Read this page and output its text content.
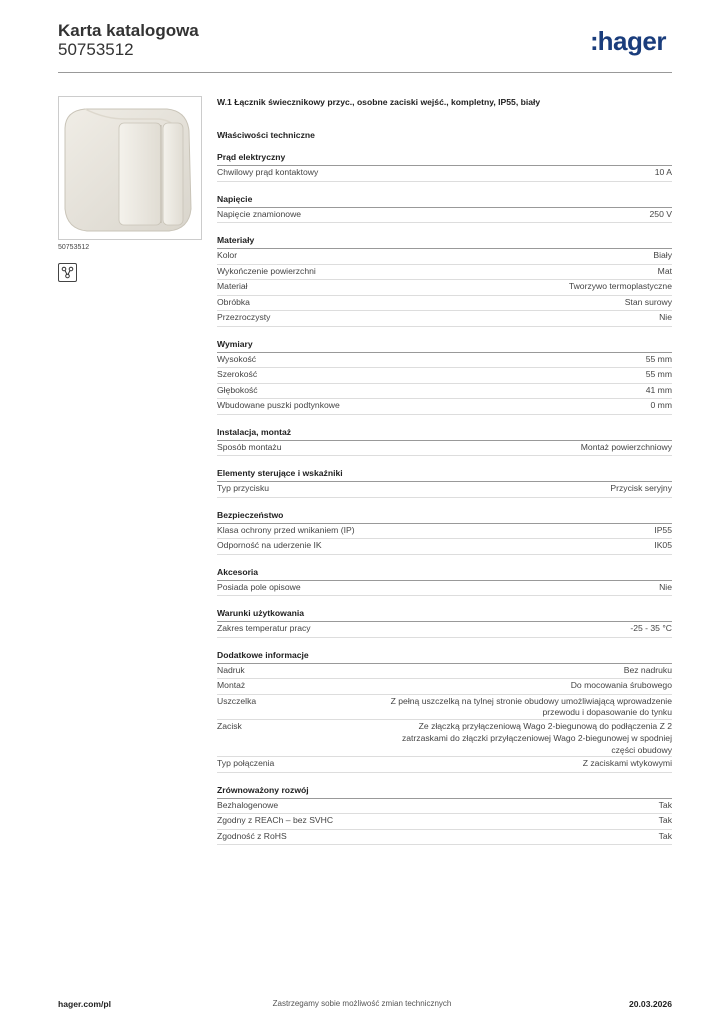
Karta katalogowa
50753512	:hager
50753512
W.1 Łącznik świecznikowy przyc., osobne zaciski wejść., kompletny, IP55, biały
Właściwości techniczne
Prąd elektryczny
Chwilowy prąd kontaktowy	10 A
Napięcie
Napięcie znamionowe	250 V
Materiały
Kolor	Biały
Wykończenie powierzchni	Mat
Materiał	Tworzywo termoplastyczne
Obróbka	Stan surowy
Przezroczysty	Nie
Wymiary
Wysokość	55 mm
Szerokość	55 mm
Głębokość	41 mm
Wbudowane puszki podtynkowe	0 mm
Instalacja, montaż
Sposób montażu	Montaż powierzchniowy
Elementy sterujące i wskaźniki
Typ przycisku	Przycisk seryjny
Bezpieczeństwo
Klasa ochrony przed wnikaniem (IP)	IP55
Odporność na uderzenie IK	IK05
Akcesoria
Posiada pole opisowe	Nie
Warunki użytkowania
Zakres temperatur pracy	-25 - 35 °C
Dodatkowe informacje
Nadruk	Bez nadruku
Montaż	Do mocowania śrubowego
Uszczelka	Z pełną uszczelką na tylnej stronie obudowy umożliwiającą wprowadzenie przewodu i dopasowanie do tynku
Zacisk	Ze złączką przyłączeniową Wago 2-biegunową do podłączenia Z 2 zatrzaskami do złączki przyłączeniowej Wago 2-biegunowej w spodniej części obudowy
Typ połączenia	Z zaciskami wtykowymi
Zrównoważony rozwój
Bezhalogenowe	Tak
Zgodny z REACh – bez SVHC	Tak
Zgodność z RoHS	Tak
hager.com/pl	Zastrzegamy sobie możliwość zmian technicznych	20.03.2026
